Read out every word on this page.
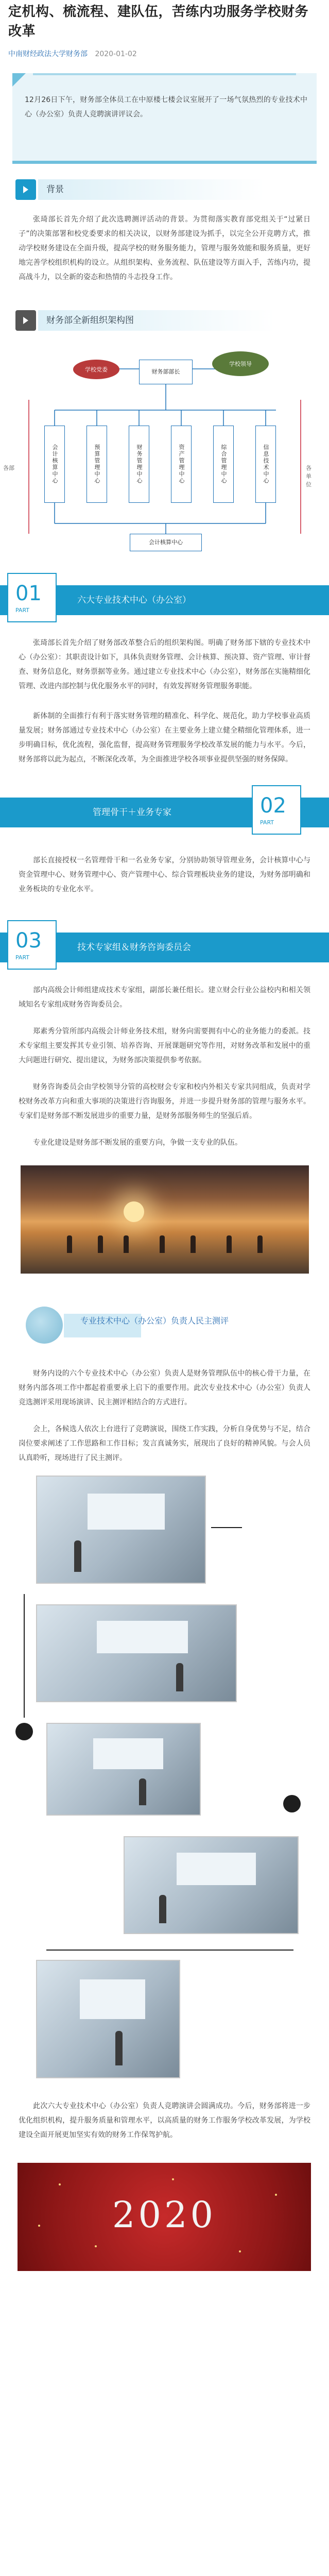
定机构、梳流程、建队伍，苦练内功服务学校财务改革
中南财经政法大学财务部 2020-01-02

12月26日下午，财务部全体员工在中原楼七楼会议室展开了一场气氛热烈的专业技术中心（办公室）负责人竞聘演讲评议会。

背景

张琦部长首先介绍了此次选聘测评活动的背景。为贯彻落实教育部党组关于“过紧日子”的决策部署和校党委要求的相关决议，以财务部建设为抓手，以完全公开竞聘方式，推动学校财务建设在全面升级，提高学校的财务服务能力，管理与服务效能和服务质量，更好地完善学校组织机构的设立。从组织架构、业务流程、队伍建设等方面入手，苦练内功，提高战斗力，以全新的姿态和热情的斗志投身工作。

财务部全新组织架构图
学校党委	财务部部长
学校领导
各部	各单位
会计核算中心	预算管理中心	财务管理中心	资产管理中心	综合管理中心	信息技术中心
会计核算中心
01
PART
六大专业技术中心（办公室）

张琦部长首先介绍了财务部改革整合后的组织架构图。明确了财务部下辖的专业技术中心（办公室）：其职责设计如下，具体负责财务管理、会计核算、预决算、资产管理、审计督查、财务信息化，财务票据等业务。通过建立专业技术中心（办公室），财务部在实施精细化管理、改进内部控制与优化服务水平的同时，有效发挥财务管理服务职能。

新体制的全面推行有利于落实财务管理的精准化、科学化、规范化，助力学校事业高质量发展；财务部通过专业技术中心（办公室）在主要业务上建立健全精细化管理体系，进一步明确目标，优化流程，强化监督，提高财务管理服务学校改革发展的能力与水平。今后，财务部将以此为起点，不断深化改革，为全面推进学校各项事业提供坚强的财务保障。

管理骨干＋业务专家	02
PART

部长直接授权一名管理骨干和一名业务专家，分别协助领导管理业务，会计核算中心与资金管理中心、财务管理中心、资产管理中心、综合管理板块业务的建设，为财务部明确和业务板块的专业化水平。

03
PART
技术专家组＆财务咨询委员会

部内高级会计师组建成技术专家组，副部长兼任组长。建立财会行业公益校内和相关领域知名专家组成财务咨询委员会。

郑素秀分管所部内高级会计师业务技术组，财务向需要拥有中心的业务能力的委派。技术专家组主要发挥其专业引领、培养咨询、开展课题研究等作用，对财务改革和发展中的重大问题进行研究、提出建议，为财务部决策提供参考依据。

财务咨询委员会由学校领导分管的高校财会专家和校内外相关专家共同组成，负责对学校财务改革方向和重大事项的决策进行咨询服务，并进一步提升财务部的管理与服务水平。专家们是财务部不断发展进步的重要力量，是财务部服务师生的坚强后盾。

专业化建设是财务部不断发展的重要方向，争做一支专业的队伍。

专业技术中心（办公室）负责人民主测评

财务内设的六个专业技术中心（办公室）负责人是财务管理队伍中的核心骨干力量，在财务内部各项工作中都起着重要承上启下的重要作用。此次专业技术中心（办公室）负责人竞选测评采用现场演讲、民主测评相结合的方式进行。

会上，各候选人依次上台进行了竞聘演说，围绕工作实践，分析自身优势与不足，结合岗位要求阐述了工作思路和工作目标；发言真诚务实，展现出了良好的精神风貌。与会人员认真聆听，现场进行了民主测评。

此次六大专业技术中心（办公室）负责人竞聘演讲会圆满成功。今后，财务部将进一步优化组织机构，提升服务质量和管理水平，以高质量的财务工作服务学校改革发展，为学校建设全面开展更加坚实有效的财务工作保驾护航。

2020
